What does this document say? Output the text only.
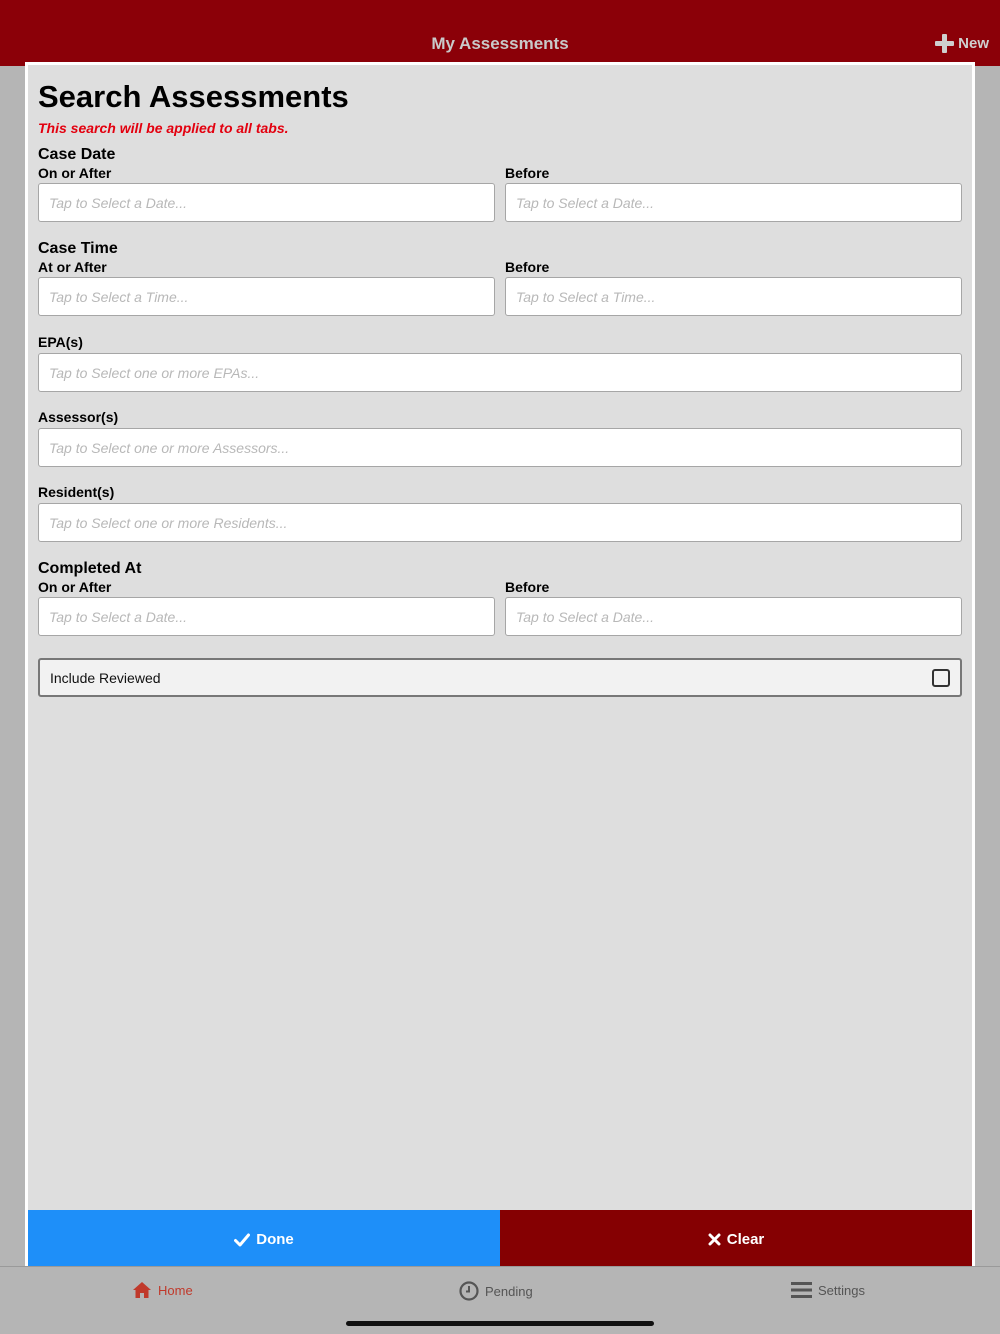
My Assessments	New
Search Assessments
This search will be applied to all tabs.
Case Date
On or After	Before
Tap to Select a Date...	Tap to Select a Date...
Case Time
At or After	Before
Tap to Select a Time...	Tap to Select a Time...
EPA(s)
Tap to Select one or more EPAs...
Assessor(s)
Tap to Select one or more Assessors...
Resident(s)
Tap to Select one or more Residents...
Completed At
On or After	Before
Tap to Select a Date...	Tap to Select a Date...
Include Reviewed
Done	Clear
Home	Pending	Settings
